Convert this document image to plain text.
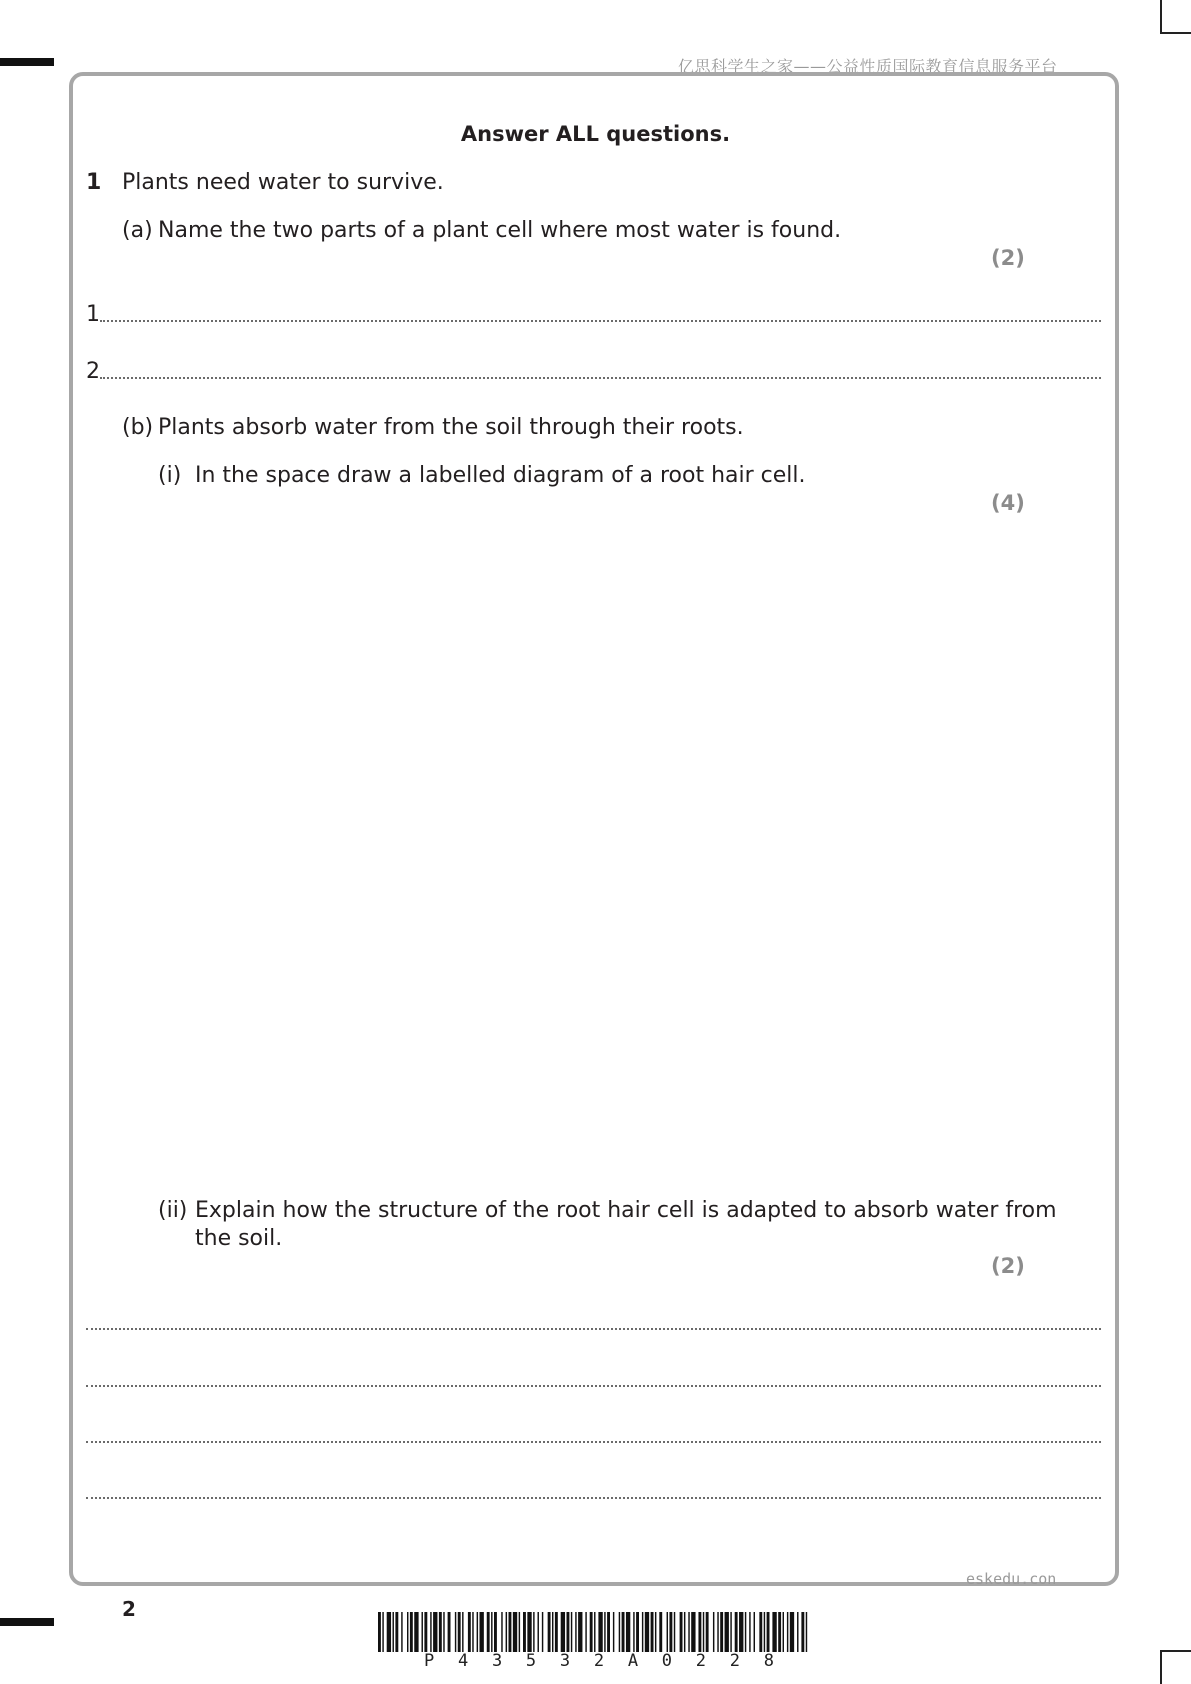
亿思科学生之家——公益性质国际教育信息服务平台
Answer ALL questions.
1 Plants need water to survive.
(a) Name the two parts of a plant cell where most water is found.
(2)
1
2
(b) Plants absorb water from the soil through their roots.
(i) In the space draw a labelled diagram of a root hair cell.
(4)
(ii) Explain how the structure of the root hair cell is adapted to absorb water from
the soil.
(2)
eskedu.con
2
P 4 3 5 3 2 A 0 2 2 8
